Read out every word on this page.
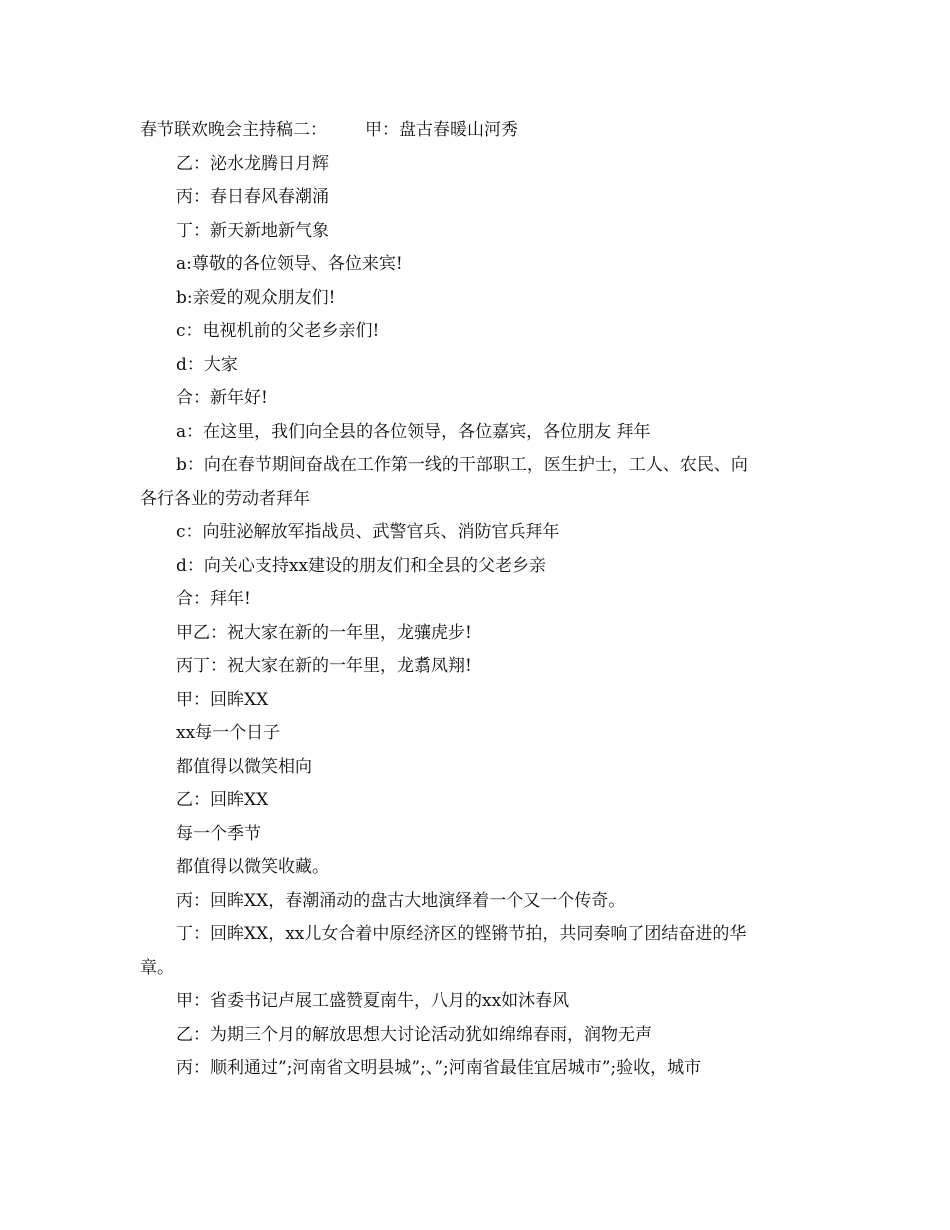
春节联欢晚会主持稿二： 甲：盘古春暖山河秀
乙：泌水龙腾日月辉
丙：春日春风春潮涌
丁：新天新地新气象
a:尊敬的各位领导、各位来宾!
b:亲爱的观众朋友们!
c：电视机前的父老乡亲们!
d：大家
合：新年好!
a：在这里，我们向全县的各位领导，各位嘉宾，各位朋友 拜年
b：向在春节期间奋战在工作第一线的干部职工，医生护士，工人、农民、向
各行各业的劳动者拜年
c：向驻泌解放军指战员、武警官兵、消防官兵拜年
d：向关心支持xx建设的朋友们和全县的父老乡亲
合：拜年!
甲乙：祝大家在新的一年里，龙骧虎步!
丙丁：祝大家在新的一年里，龙翥凤翔!
甲：回眸XX
xx每一个日子
都值得以微笑相向
乙：回眸XX
每一个季节
都值得以微笑收藏。
丙：回眸XX，春潮涌动的盘古大地演绎着一个又一个传奇。
丁：回眸XX，xx儿女合着中原经济区的铿锵节拍，共同奏响了团结奋进的华
章。
甲：省委书记卢展工盛赞夏南牛，八月的xx如沐春风
乙：为期三个月的解放思想大讨论活动犹如绵绵春雨，润物无声
丙：顺利通过”;河南省文明县城”;、”;河南省最佳宜居城市”;验收，城市
